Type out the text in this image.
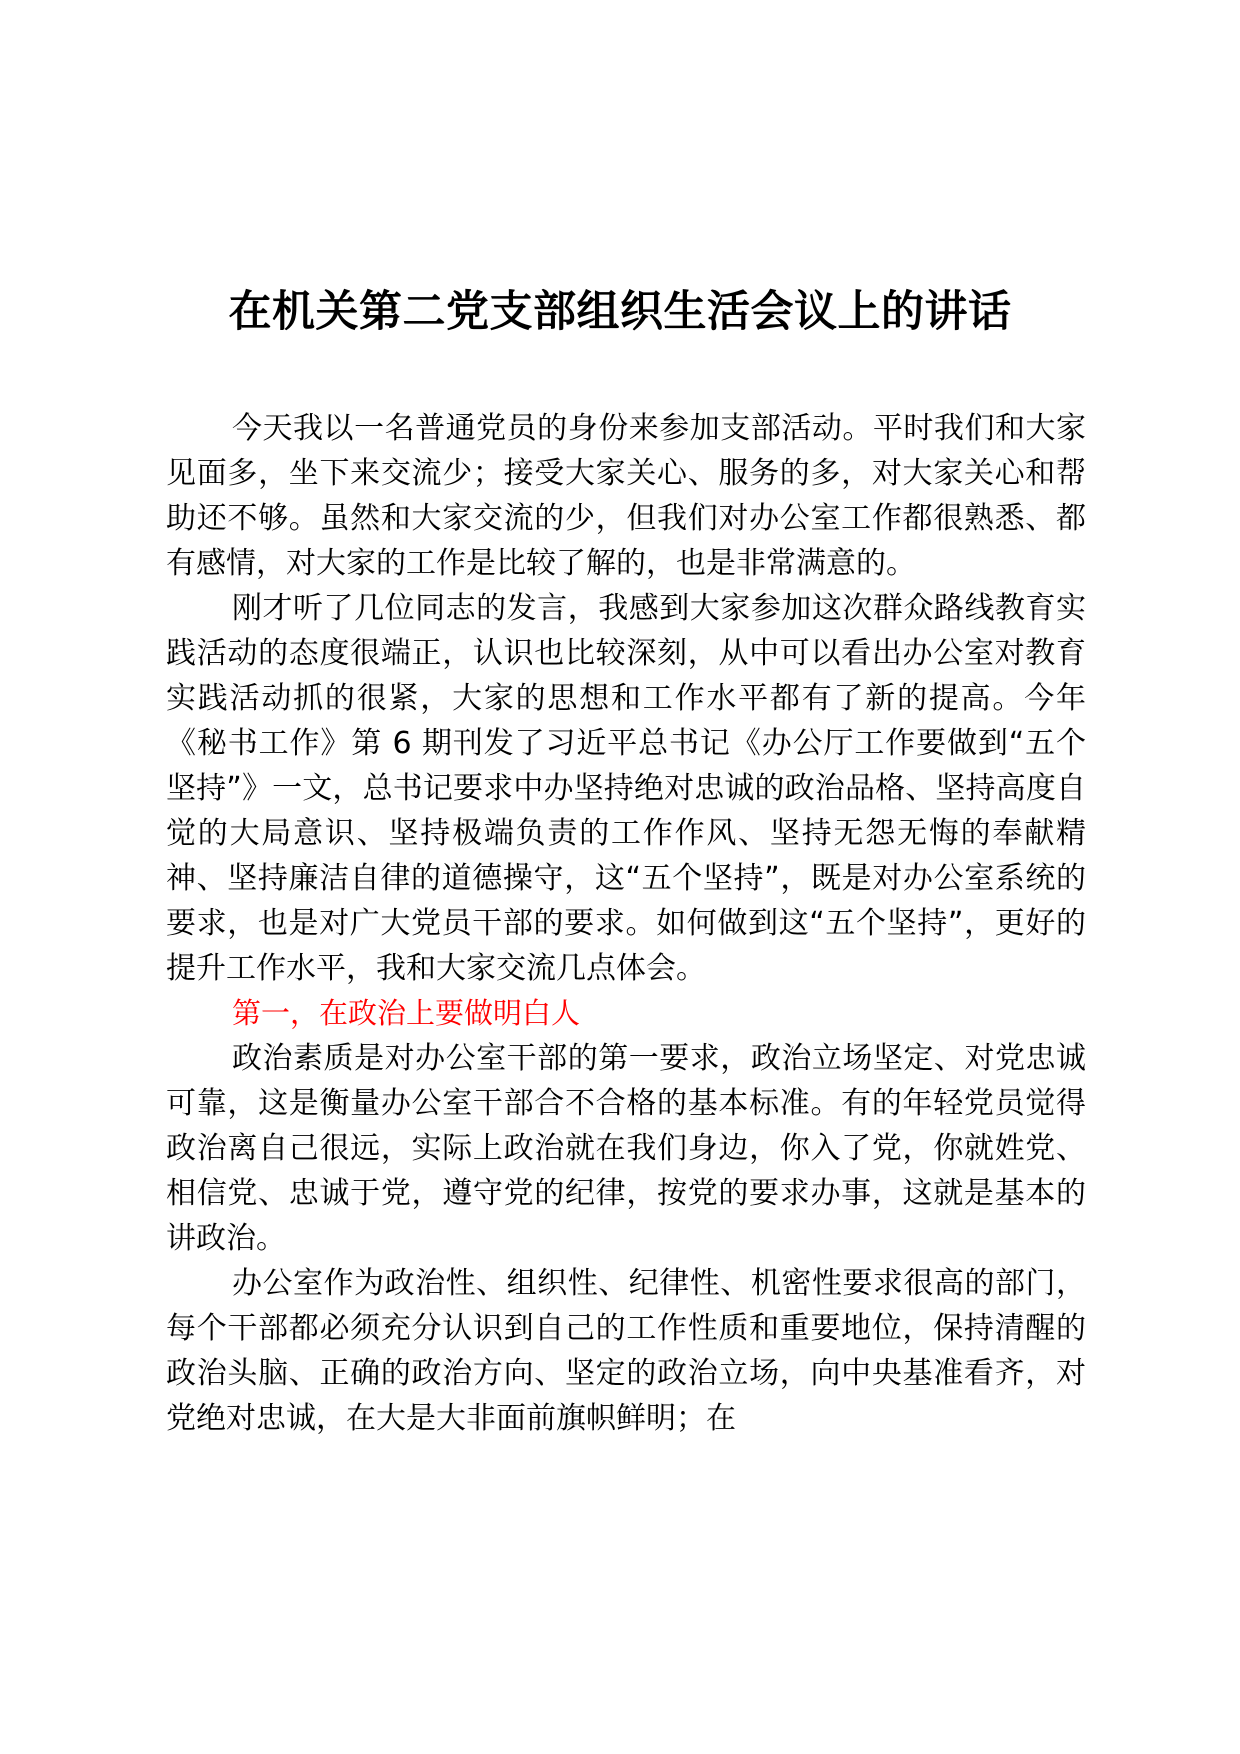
在机关第二党支部组织生活会议上的讲话

今天我以一名普通党员的身份来参加支部活动。平时我们和大家见面多，坐下来交流少；接受大家关心、服务的多，对大家关心和帮助还不够。虽然和大家交流的少，但我们对办公室工作都很熟悉、都有感情，对大家的工作是比较了解的，也是非常满意的。

刚才听了几位同志的发言，我感到大家参加这次群众路线教育实践活动的态度很端正，认识也比较深刻，从中可以看出办公室对教育实践活动抓的很紧，大家的思想和工作水平都有了新的提高。今年《秘书工作》第 6 期刊发了习近平总书记《办公厅工作要做到“五个坚持”》一文，总书记要求中办坚持绝对忠诚的政治品格、坚持高度自觉的大局意识、坚持极端负责的工作作风、坚持无怨无悔的奉献精神、坚持廉洁自律的道德操守，这“五个坚持”，既是对办公室系统的要求，也是对广大党员干部的要求。如何做到这“五个坚持”，更好的提升工作水平，我和大家交流几点体会。

第一，在政治上要做明白人

政治素质是对办公室干部的第一要求，政治立场坚定、对党忠诚可靠，这是衡量办公室干部合不合格的基本标准。有的年轻党员觉得政治离自己很远，实际上政治就在我们身边，你入了党，你就姓党、相信党、忠诚于党，遵守党的纪律，按党的要求办事，这就是基本的讲政治。

办公室作为政治性、组织性、纪律性、机密性要求很高的部门，每个干部都必须充分认识到自己的工作性质和重要地位，保持清醒的政治头脑、正确的政治方向、坚定的政治立场，向中央基准看齐，对党绝对忠诚，在大是大非面前旗帜鲜明；在
